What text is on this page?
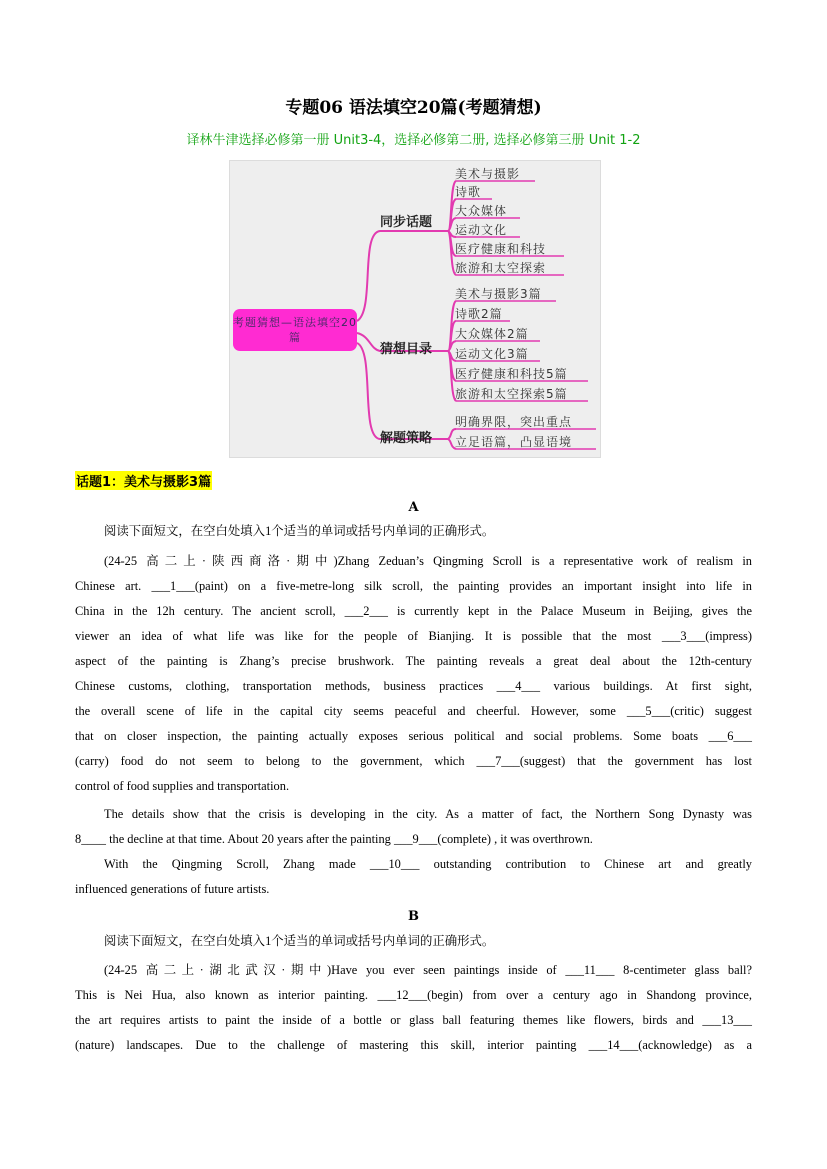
专题06 语法填空20篇(考题猜想)
译林牛津选择必修第一册 Unit3-4，选择必修第二册, 选择必修第三册 Unit 1-2
考题猜想—语法填空20篇
同步话题
猜想目录
解题策略
美术与摄影
诗歌
大众媒体
运动文化
医疗健康和科技
旅游和太空探索
美术与摄影3篇
诗歌2篇
大众媒体2篇
运动文化3篇
医疗健康和科技5篇
旅游和太空探索5篇
明确界限，突出重点
立足语篇，凸显语境
话题1：美术与摄影3篇
A
阅读下面短文，在空白处填入1个适当的单词或括号内单词的正确形式。
(24-25 高二上·陕西商洛·期中)Zhang Zeduan’s Qingming Scroll is a representative work of realism in
Chinese art. ___1___(paint) on a five-metre-long silk scroll, the painting provides an important insight into life in
China in the 12h century. The ancient scroll, ___2___ is currently kept in the Palace Museum in Beijing, gives the
viewer an idea of what life was like for the people of Bianjing. It is possible that the most ___3___(impress)
aspect of the painting is Zhang’s precise brushwork. The painting reveals a great deal about the 12th-century
Chinese customs, clothing, transportation methods, business practices ___4___ various buildings. At first sight,
the overall scene of life in the capital city seems peaceful and cheerful. However, some ___5___(critic) suggest
that on closer inspection, the painting actually exposes serious political and social problems. Some boats ___6___
(carry) food do not seem to belong to the government, which ___7___(suggest) that the government has lost
control of food supplies and transportation.
The details show that the crisis is developing in the city. As a matter of fact, the Northern Song Dynasty was
8____ the decline at that time. About 20 years after the painting ___9___(complete) , it was overthrown.
With the Qingming Scroll, Zhang made ___10___ outstanding contribution to Chinese art and greatly
influenced generations of future artists.
B
阅读下面短文，在空白处填入1个适当的单词或括号内单词的正确形式。
(24-25 高二上·湖北武汉·期中)Have you ever seen paintings inside of ___11___ 8-centimeter glass ball?
This is Nei Hua, also known as interior painting. ___12___(begin) from over a century ago in Shandong province,
the art requires artists to paint the inside of a bottle or glass ball featuring themes like flowers, birds and ___13___
(nature) landscapes. Due to the challenge of mastering this skill, interior painting ___14___(acknowledge) as a
